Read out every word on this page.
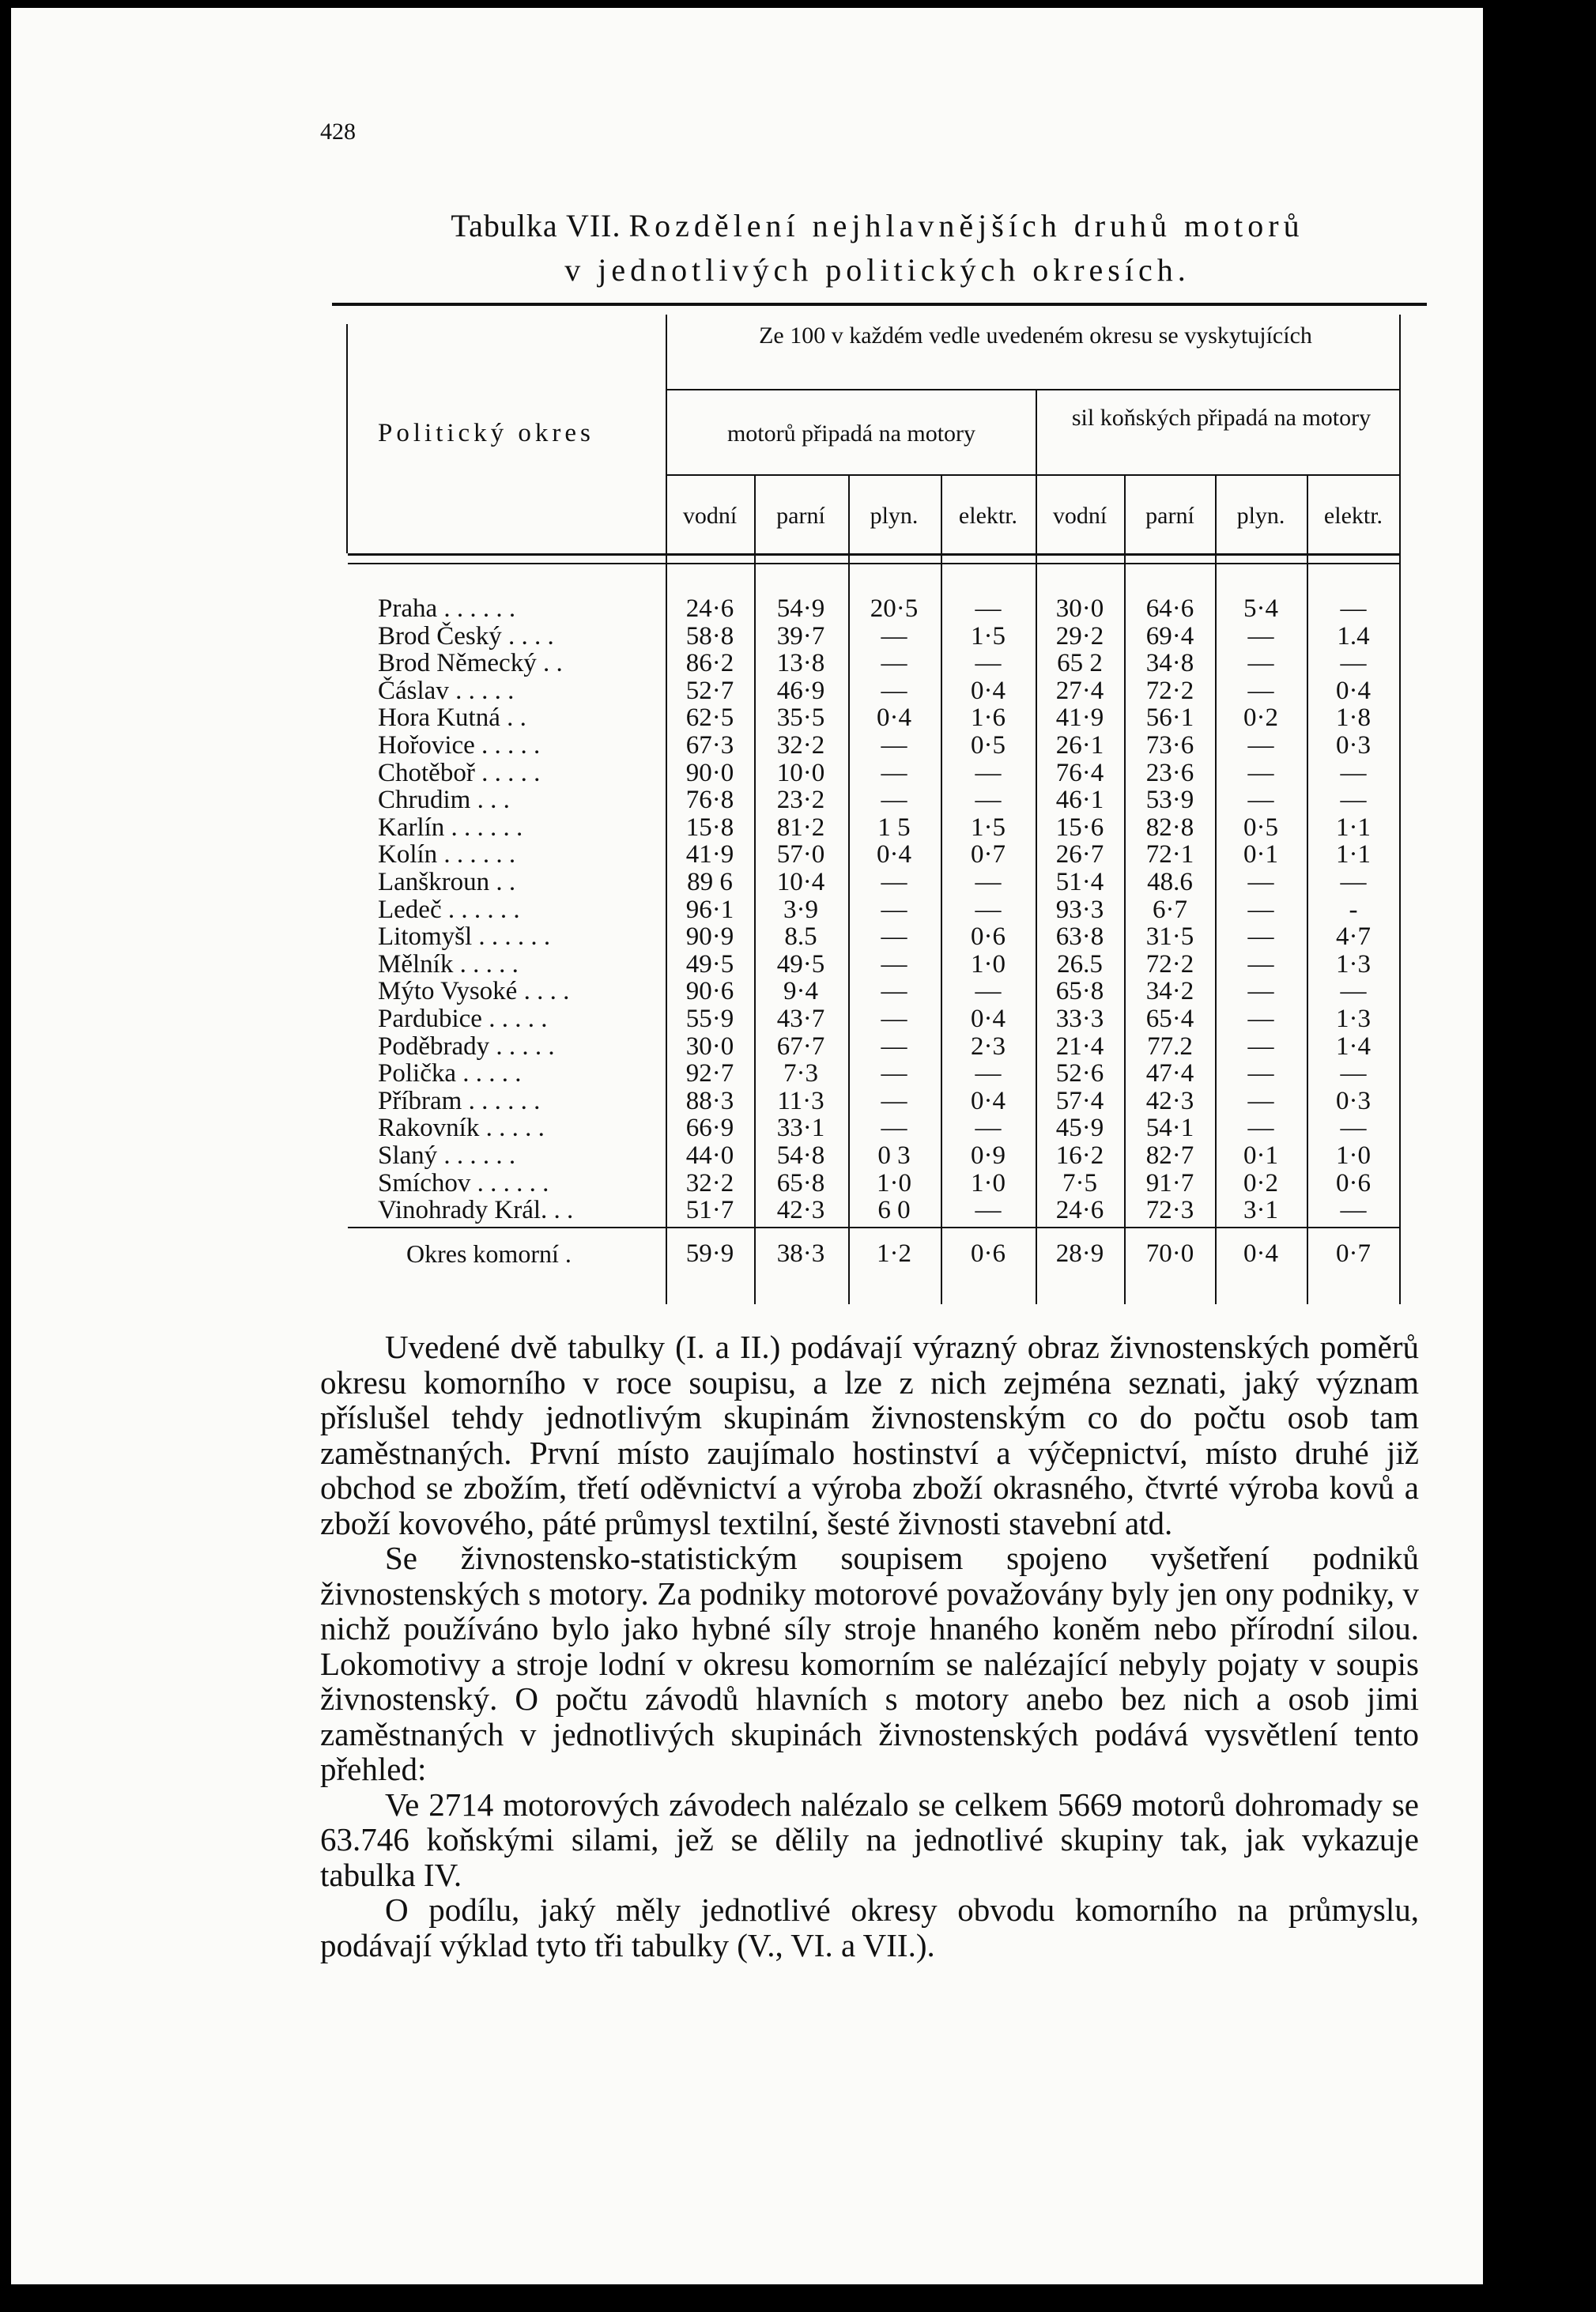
428
Tabulka VII. Rozdělení nejhlavnějších druhů motorů
v jednotlivých politických okresích.
Ze 100 v každém vedle uvedeném okresu se vyskytujících
Politický okres	motorů připadá na motory
sil koňských připadá na motory
vodní	parní	plyn.	elektr.	vodní	parní	plyn.	elektr.
Praha . . . . . .	24·6	54·9	20·5	—	30·0	64·6	5·4	—
Brod Český . . . .	58·8	39·7	—	1·5	29·2	69·4	—	1.4
Brod Německý . .	86·2	13·8	—	—	65 2	34·8	—	—
Čáslav . . . . .	52·7	46·9	—	0·4	27·4	72·2	—	0·4
Hora Kutná . .	62·5	35·5	0·4	1·6	41·9	56·1	0·2	1·8
Hořovice . . . . .	67·3	32·2	—	0·5	26·1	73·6	—	0·3
Chotěboř . . . . .	90·0	10·0	—	—	76·4	23·6	—	—
Chrudim . . .	76·8	23·2	—	—	46·1	53·9	—	—
Karlín . . . . . .	15·8	81·2	1 5	1·5	15·6	82·8	0·5	1·1
Kolín . . . . . .	41·9	57·0	0·4	0·7	26·7	72·1	0·1	1·1
Lanškroun . .	89 6	10·4	—	—	51·4	48.6	—	—
Ledeč . . . . . .	96·1	3·9	—	—	93·3	6·7	—	-
Litomyšl . . . . . .	90·9	8.5	—	0·6	63·8	31·5	—	4·7
Mělník . . . . .	49·5	49·5	—	1·0	26.5	72·2	—	1·3
Mýto Vysoké . . . .	90·6	9·4	—	—	65·8	34·2	—	—
Pardubice . . . . .	55·9	43·7	—	0·4	33·3	65·4	—	1·3
Poděbrady . . . . .	30·0	67·7	—	2·3	21·4	77.2	—	1·4
Polička . . . . .	92·7	7·3	—	—	52·6	47·4	—	—
Příbram . . . . . .	88·3	11·3	—	0·4	57·4	42·3	—	0·3
Rakovník . . . . .	66·9	33·1	—	—	45·9	54·1	—	—
Slaný . . . . . .	44·0	54·8	0 3	0·9	16·2	82·7	0·1	1·0
Smíchov . . . . . .	32·2	65·8	1·0	1·0	7·5	91·7	0·2	0·6
Vinohrady Král. . .	51·7	42·3	6 0	—	24·6	72·3	3·1	—
Okres komorní .	59·9	38·3	1·2	0·6	28·9	70·0	0·4	0·7

Uvedené dvě tabulky (I. a II.) podávají výrazný obraz živnostenských poměrů okresu komorního v roce soupisu, a lze z nich zejména seznati, jaký význam příslušel tehdy jednotlivým skupinám živnostenským co do počtu osob tam zaměstnaných. První místo zaujímalo hostinství a výčepnictví, místo druhé již obchod se zbožím, třetí oděvnictví a výroba zboží okrasného, čtvrté výroba kovů a zboží kovového, páté průmysl textilní, šesté živnosti stavební atd.

Se živnostensko-statistickým soupisem spojeno vyšetření podniků živnostenských s motory. Za podniky motorové považovány byly jen ony podniky, v nichž používáno bylo jako hybné síly stroje hnaného koněm nebo přírodní silou. Lokomotivy a stroje lodní v okresu komorním se nalézající nebyly pojaty v soupis živnostenský. O počtu závodů hlavních s motory anebo bez nich a osob jimi zaměstnaných v jednotlivých skupinách živnostenských podává vysvětlení tento přehled:

Ve 2714 motorových závodech nalézalo se celkem 5669 motorů dohromady se 63.746 koňskými silami, jež se dělily na jednotlivé skupiny tak, jak vykazuje tabulka IV.

O podílu, jaký měly jednotlivé okresy obvodu komorního na průmyslu, podávají výklad tyto tři tabulky (V., VI. a VII.).
